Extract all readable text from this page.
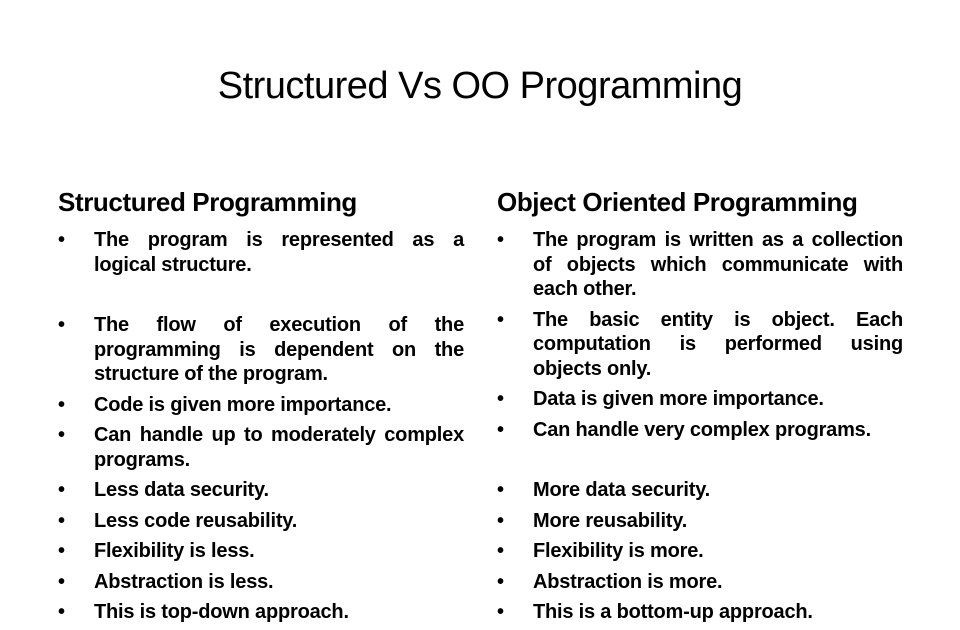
Structured Vs OO Programming
Structured Programming
•	The program is represented as a logical structure.
•	The flow of execution of the programming is dependent on the structure of the program.
•	Code is given more importance.
•	Can handle up to moderately complex programs.
•	Less data security.
•	Less code reusability.
•	Flexibility is less.
•	Abstraction is less.
•	This is top-down approach.
Object Oriented Programming
•	The program is written as a collection of objects which communicate with each other.
•	The basic entity is object. Each computation is performed using objects only.
•	Data is given more importance.
•	Can handle very complex programs.
•	More data security.
•	More reusability.
•	Flexibility is more.
•	Abstraction is more.
•	This is a bottom-up approach.
